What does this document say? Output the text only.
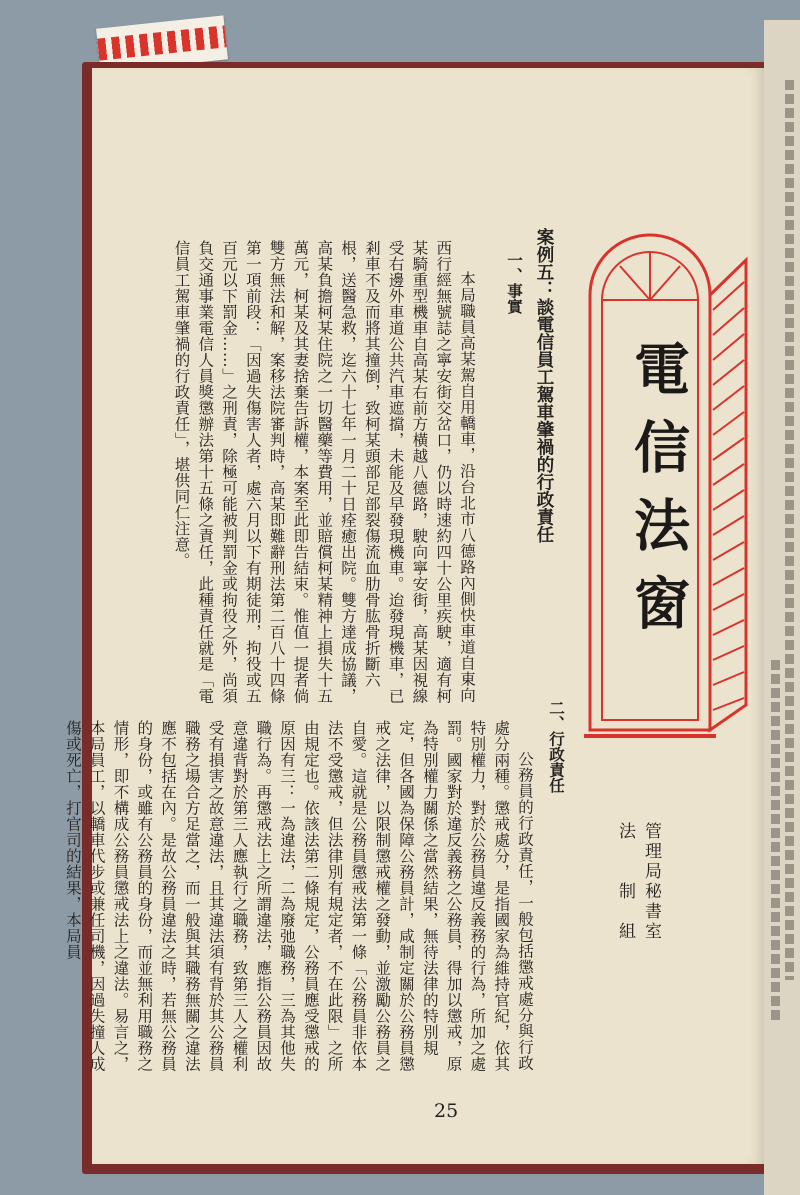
電信法窗

管理局秘書室

法　　制　組

案例五：談電信員工駕車肇禍的行政責任
一、事實

本局職員高某駕自用轎車，沿台北市八德路內側快車道自東向西行經無號誌之寧安街交岔口，仍以時速約四十公里疾駛，適有柯某騎重型機車自高某右前方橫越八德路，駛向寧安街，高某因視線受右邊外車道公共汽車遮擋，未能及早發現機車。迨發現機車，已剎車不及而將其撞倒，致柯某頭部足部裂傷流血肋骨肱骨折斷六根，送醫急救，迄六十七年一月二十日痊癒出院。雙方達成協議，高某負擔柯某住院之一切醫藥等費用，並賠償柯某精神上損失十五萬元，柯某及其妻捨棄告訴權，本案至此即告結束。惟值一提者倘雙方無法和解，案移法院審判時，高某即難辭刑法第二百八十四條第一項前段：「因過失傷害人者，處六月以下有期徒刑，拘役或五百元以下罰金……」之刑責，除極可能被判罰金或拘役之外，尚須負交通事業電信人員獎懲辦法第十五條之責任，此種責任就是「電信員工駕車肇禍的行政責任」，堪供同仁注意。

二、行政責任

公務員的行政責任，一般包括懲戒處分與行政處分兩種。懲戒處分，是指國家為維持官紀，依其特別權力，對於公務員違反義務的行為，所加之處罰。國家對於違反義務之公務員，得加以懲戒，原為特別權力關係之當然結果，無待法律的特別規定，但各國為保障公務員計，咸制定關於公務員懲戒之法律，以限制懲戒權之發動，並激勵公務員之自愛。這就是公務員懲戒法第一條「公務員非依本法不受懲戒，但法律別有規定者，不在此限」之所由規定也。依該法第二條規定，公務員應受懲戒的原因有三：一為違法，二為廢弛職務，三為其他失職行為。再懲戒法上之所謂違法，應指公務員因故意違背對於第三人應執行之職務，致第三人之權利受有損害之故意違法，且其違法須有背於其公務員職務之場合方足當之，而一般與其職務無關之違法應不包括在內。是故公務員違法之時，若無公務員的身份，或雖有公務員的身份，而並無利用職務之情形，即不構成公務員懲戒法上之違法。易言之，本局員工，以轎車代步或兼任司機，因過失撞人成傷或死亡，打官司的結果，本局員

25
